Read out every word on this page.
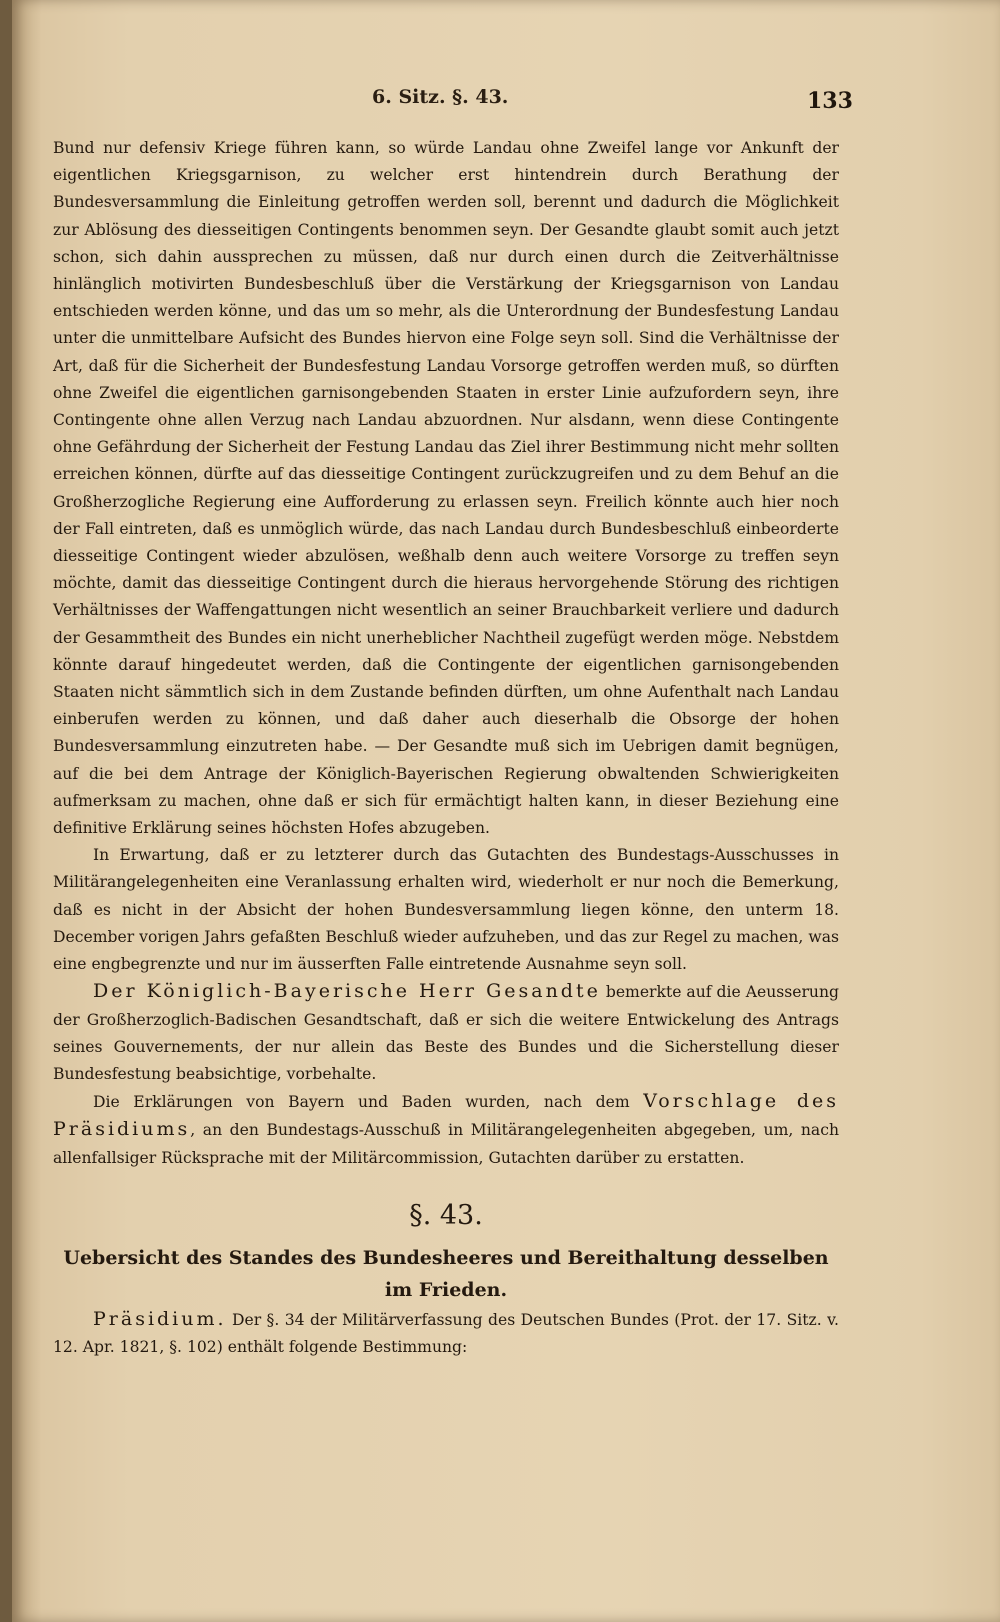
6. Sitz. §. 43.	133

Bund nur defensiv Kriege führen kann, so würde Landau ohne Zweifel lange vor Ankunft der eigentlichen Kriegsgarnison, zu welcher erst hintendrein durch Berathung der Bundesversammlung die Einleitung getroffen werden soll, berennt und dadurch die Möglichkeit zur Ablösung des diesseitigen Contingents benommen seyn. Der Gesandte glaubt somit auch jetzt schon, sich dahin aussprechen zu müssen, daß nur durch einen durch die Zeitverhältnisse hinlänglich motivirten Bundesbeschluß über die Verstärkung der Kriegsgarnison von Landau entschieden werden könne, und das um so mehr, als die Unterordnung der Bundesfestung Landau unter die unmittelbare Aufsicht des Bundes hiervon eine Folge seyn soll. Sind die Verhältnisse der Art, daß für die Sicherheit der Bundesfestung Landau Vorsorge getroffen werden muß, so dürften ohne Zweifel die eigentlichen garnisongebenden Staaten in erster Linie aufzufordern seyn, ihre Contingente ohne allen Verzug nach Landau abzuordnen. Nur alsdann, wenn diese Contingente ohne Gefährdung der Sicherheit der Festung Landau das Ziel ihrer Bestimmung nicht mehr sollten erreichen können, dürfte auf das diesseitige Contingent zurückzugreifen und zu dem Behuf an die Großherzogliche Regierung eine Aufforderung zu erlassen seyn. Freilich könnte auch hier noch der Fall eintreten, daß es unmöglich würde, das nach Landau durch Bundesbeschluß einbeorderte diesseitige Contingent wieder abzulösen, weßhalb denn auch weitere Vorsorge zu treffen seyn möchte, damit das diesseitige Contingent durch die hieraus hervorgehende Störung des richtigen Verhältnisses der Waffengattungen nicht wesentlich an seiner Brauchbarkeit verliere und dadurch der Gesammtheit des Bundes ein nicht unerheblicher Nachtheil zugefügt werden möge. Nebstdem könnte darauf hingedeutet werden, daß die Contingente der eigentlichen garnisongebenden Staaten nicht sämmtlich sich in dem Zustande befinden dürften, um ohne Aufenthalt nach Landau einberufen werden zu können, und daß daher auch dieserhalb die Obsorge der hohen Bundesversammlung einzutreten habe. — Der Gesandte muß sich im Uebrigen damit begnügen, auf die bei dem Antrage der Königlich-Bayerischen Regierung obwaltenden Schwierigkeiten aufmerksam zu machen, ohne daß er sich für ermächtigt halten kann, in dieser Beziehung eine definitive Erklärung seines höchsten Hofes abzugeben.

In Erwartung, daß er zu letzterer durch das Gutachten des Bundestags-Ausschusses in Militärangelegenheiten eine Veranlassung erhalten wird, wiederholt er nur noch die Bemerkung, daß es nicht in der Absicht der hohen Bundesversammlung liegen könne, den unterm 18. December vorigen Jahrs gefaßten Beschluß wieder aufzuheben, und das zur Regel zu machen, was eine engbegrenzte und nur im äusserften Falle eintretende Ausnahme seyn soll.

Der Königlich-Bayerische Herr Gesandte bemerkte auf die Aeusserung der Großherzoglich-Badischen Gesandtschaft, daß er sich die weitere Entwickelung des Antrags seines Gouvernements, der nur allein das Beste des Bundes und die Sicherstellung dieser Bundesfestung beabsichtige, vorbehalte.

Die Erklärungen von Bayern und Baden wurden, nach dem Vorschlage des Präsidiums, an den Bundestags-Ausschuß in Militärangelegenheiten abgegeben, um, nach allenfallsiger Rücksprache mit der Militärcommission, Gutachten darüber zu erstatten.

§. 43.
Uebersicht des Standes des Bundesheeres und Bereithaltung desselben im Frieden.

Präsidium. Der §. 34 der Militärverfassung des Deutschen Bundes (Prot. der 17. Sitz. v. 12. Apr. 1821, §. 102) enthält folgende Bestimmung:
